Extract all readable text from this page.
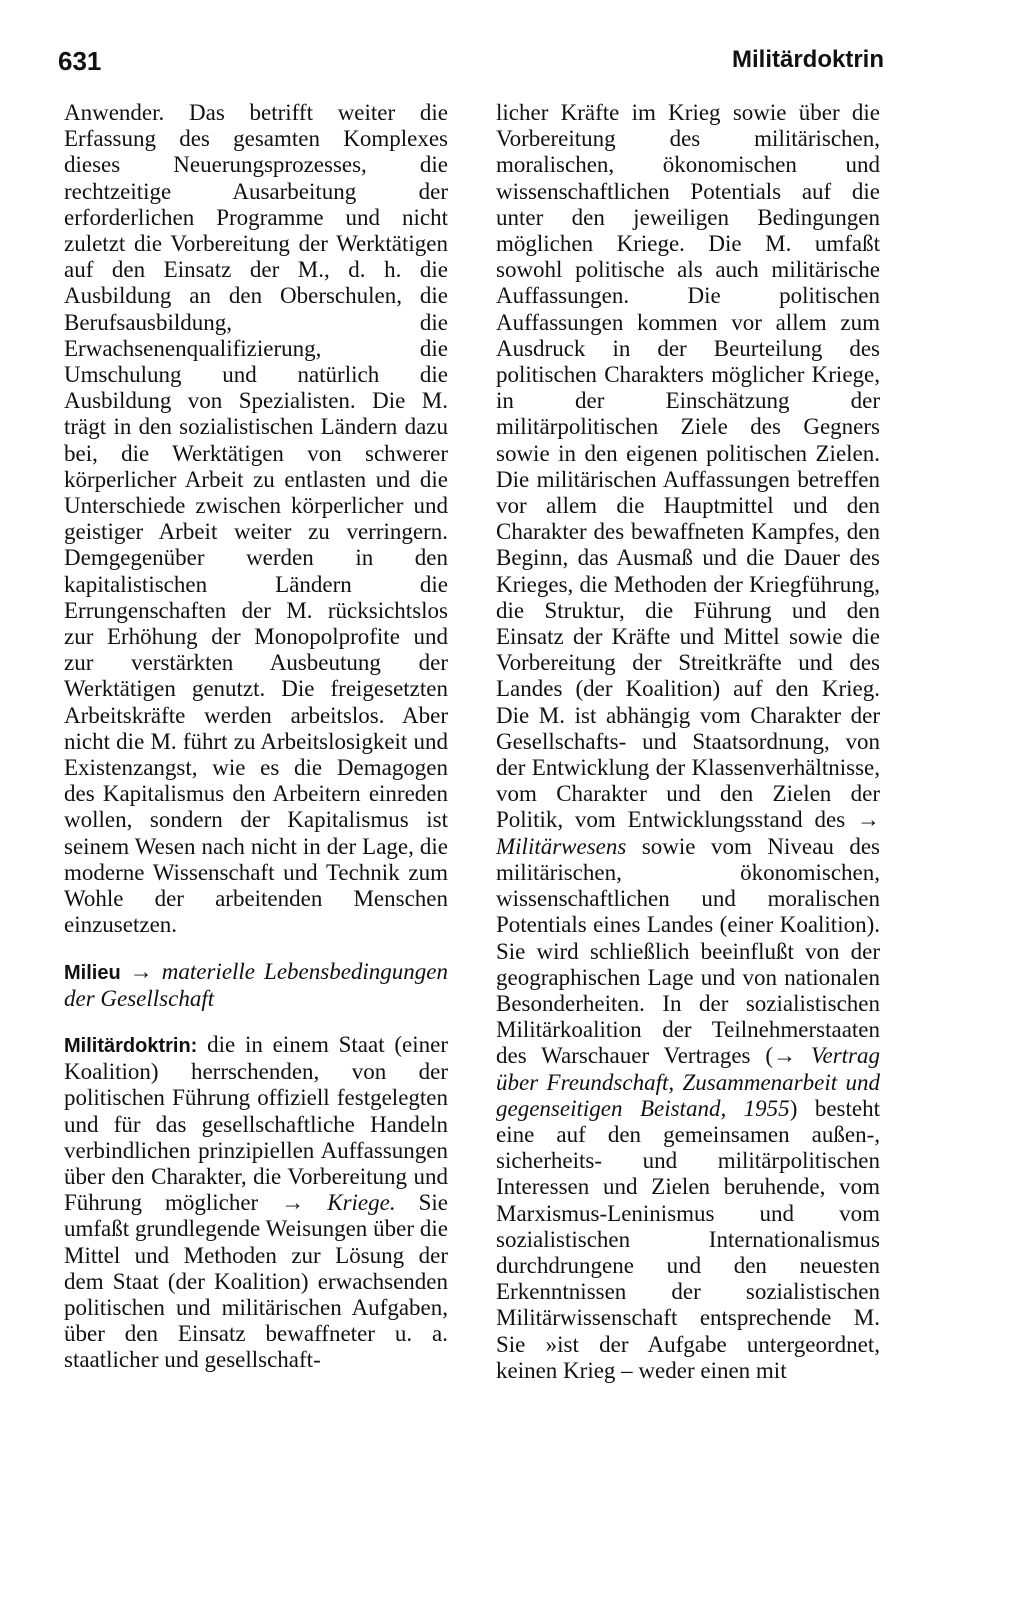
631	Militärdoktrin

Anwender. Das betrifft weiter die Erfassung des gesamten Komplexes dieses Neuerungsprozesses, die rechtzeitige Ausarbeitung der erforderlichen Programme und nicht zuletzt die Vorbereitung der Werktätigen auf den Einsatz der M., d. h. die Ausbildung an den Oberschulen, die Berufsausbildung, die Erwachsenenqualifizierung, die Umschulung und natürlich die Ausbildung von Spezialisten. Die M. trägt in den sozialistischen Ländern dazu bei, die Werktätigen von schwerer körperlicher Arbeit zu entlasten und die Unterschiede zwischen körperlicher und geistiger Arbeit weiter zu verringern. Demgegenüber werden in den kapitalistischen Ländern die Errungenschaften der M. rücksichtslos zur Erhöhung der Monopolprofite und zur verstärkten Ausbeutung der Werktätigen genutzt. Die freigesetzten Arbeitskräfte werden arbeitslos. Aber nicht die M. führt zu Arbeitslosigkeit und Existenzangst, wie es die Demagogen des Kapitalismus den Arbeitern einreden wollen, sondern der Kapitalismus ist seinem Wesen nach nicht in der Lage, die moderne Wissenschaft und Technik zum Wohle der arbeitenden Menschen einzusetzen.

Milieu → materielle Lebensbedingungen der Gesellschaft

Militärdoktrin: die in einem Staat (einer Koalition) herrschenden, von der politischen Führung offiziell festgelegten und für das gesellschaftliche Handeln verbindlichen prinzipiellen Auffassungen über den Charakter, die Vorbereitung und Führung möglicher → Kriege. Sie umfaßt grundlegende Weisungen über die Mittel und Methoden zur Lösung der dem Staat (der Koalition) erwachsenden politischen und militärischen Aufgaben, über den Einsatz bewaffneter u. a. staatlicher und gesellschaft-

licher Kräfte im Krieg sowie über die Vorbereitung des militärischen, moralischen, ökonomischen und wissenschaftlichen Potentials auf die unter den jeweiligen Bedingungen möglichen Kriege. Die M. umfaßt sowohl politische als auch militärische Auffassungen. Die politischen Auffassungen kommen vor allem zum Ausdruck in der Beurteilung des politischen Charakters möglicher Kriege, in der Einschätzung der militärpolitischen Ziele des Gegners sowie in den eigenen politischen Zielen. Die militärischen Auffassungen betreffen vor allem die Hauptmittel und den Charakter des bewaffneten Kampfes, den Beginn, das Ausmaß und die Dauer des Krieges, die Methoden der Kriegführung, die Struktur, die Führung und den Einsatz der Kräfte und Mittel sowie die Vorbereitung der Streitkräfte und des Landes (der Koalition) auf den Krieg. Die M. ist abhängig vom Charakter der Gesellschafts- und Staatsordnung, von der Entwicklung der Klassenverhältnisse, vom Charakter und den Zielen der Politik, vom Entwicklungsstand des → Militärwesens sowie vom Niveau des militärischen, ökonomischen, wissenschaftlichen und moralischen Potentials eines Landes (einer Koalition). Sie wird schließlich beeinflußt von der geographischen Lage und von nationalen Besonderheiten. In der sozialistischen Militärkoalition der Teilnehmerstaaten des Warschauer Vertrages (→ Vertrag über Freundschaft, Zusammenarbeit und gegenseitigen Beistand, 1955) besteht eine auf den gemeinsamen außen-, sicherheits- und militärpolitischen Interessen und Zielen beruhende, vom Marxismus-Leninismus und vom sozialistischen Internationalismus durchdrungene und den neuesten Erkenntnissen der sozialistischen Militärwissenschaft entsprechende M. Sie »ist der Aufgabe untergeordnet, keinen Krieg – weder einen mit
